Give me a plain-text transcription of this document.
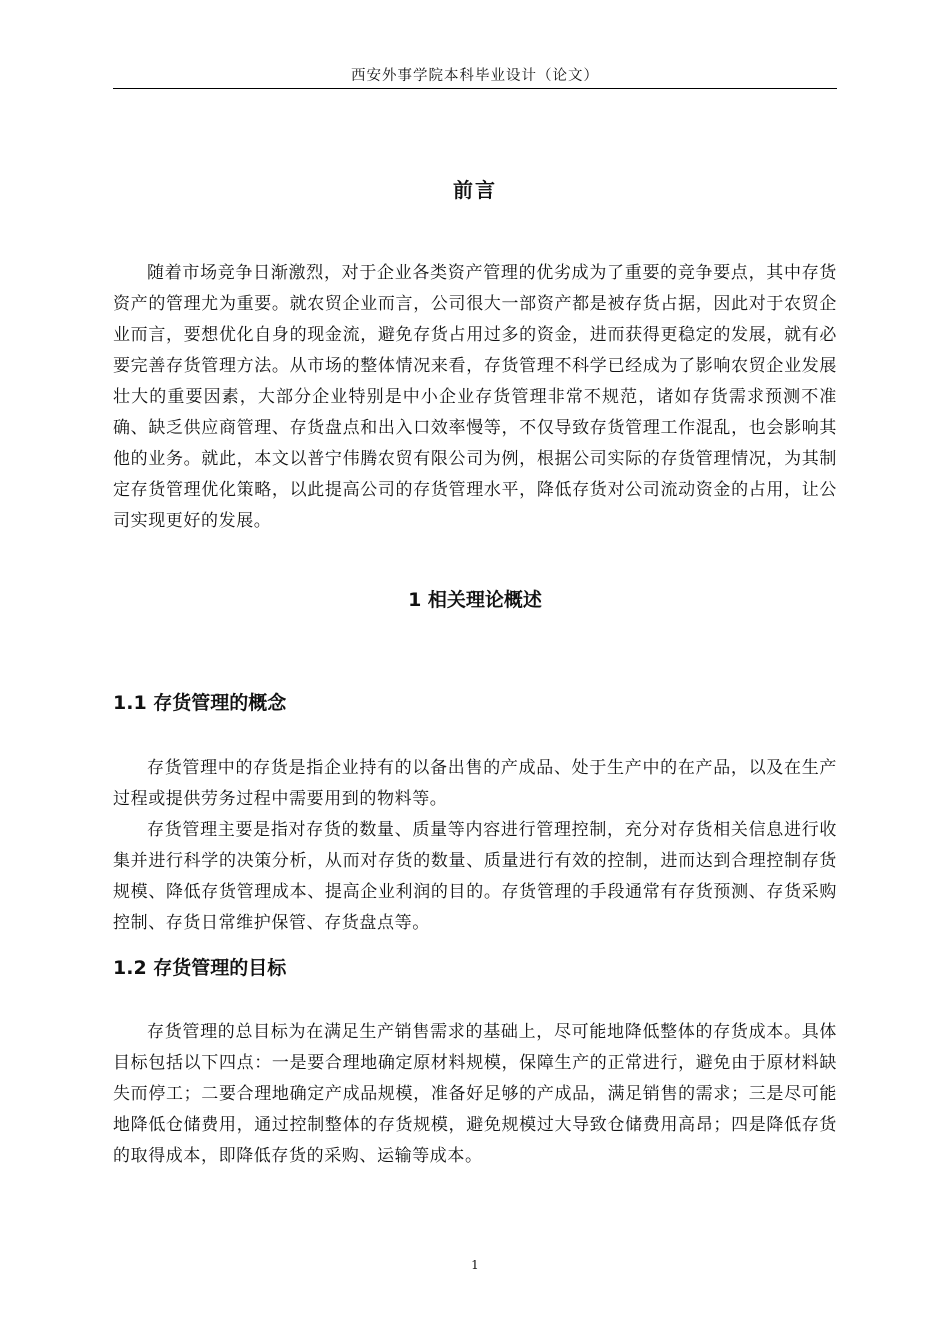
西安外事学院本科毕业设计（论文）
前言

随着市场竞争日渐激烈，对于企业各类资产管理的优劣成为了重要的竞争要点，其中存货资产的管理尤为重要。就农贸企业而言，公司很大一部资产都是被存货占据，因此对于农贸企业而言，要想优化自身的现金流，避免存货占用过多的资金，进而获得更稳定的发展，就有必要完善存货管理方法。从市场的整体情况来看，存货管理不科学已经成为了影响农贸企业发展壮大的重要因素，大部分企业特别是中小企业存货管理非常不规范，诸如存货需求预测不准确、缺乏供应商管理、存货盘点和出入口效率慢等，不仅导致存货管理工作混乱，也会影响其他的业务。就此，本文以普宁伟腾农贸有限公司为例，根据公司实际的存货管理情况，为其制定存货管理优化策略，以此提高公司的存货管理水平，降低存货对公司流动资金的占用，让公司实现更好的发展。

1 相关理论概述
1.1 存货管理的概念

存货管理中的存货是指企业持有的以备出售的产成品、处于生产中的在产品，以及在生产过程或提供劳务过程中需要用到的物料等。

存货管理主要是指对存货的数量、质量等内容进行管理控制，充分对存货相关信息进行收集并进行科学的决策分析，从而对存货的数量、质量进行有效的控制，进而达到合理控制存货规模、降低存货管理成本、提高企业利润的目的。存货管理的手段通常有存货预测、存货采购控制、存货日常维护保管、存货盘点等。

1.2 存货管理的目标

存货管理的总目标为在满足生产销售需求的基础上，尽可能地降低整体的存货成本。具体目标包括以下四点：一是要合理地确定原材料规模，保障生产的正常进行，避免由于原材料缺失而停工；二要合理地确定产成品规模，准备好足够的产成品，满足销售的需求；三是尽可能地降低仓储费用，通过控制整体的存货规模，避免规模过大导致仓储费用高昂；四是降低存货的取得成本，即降低存货的采购、运输等成本。

1
